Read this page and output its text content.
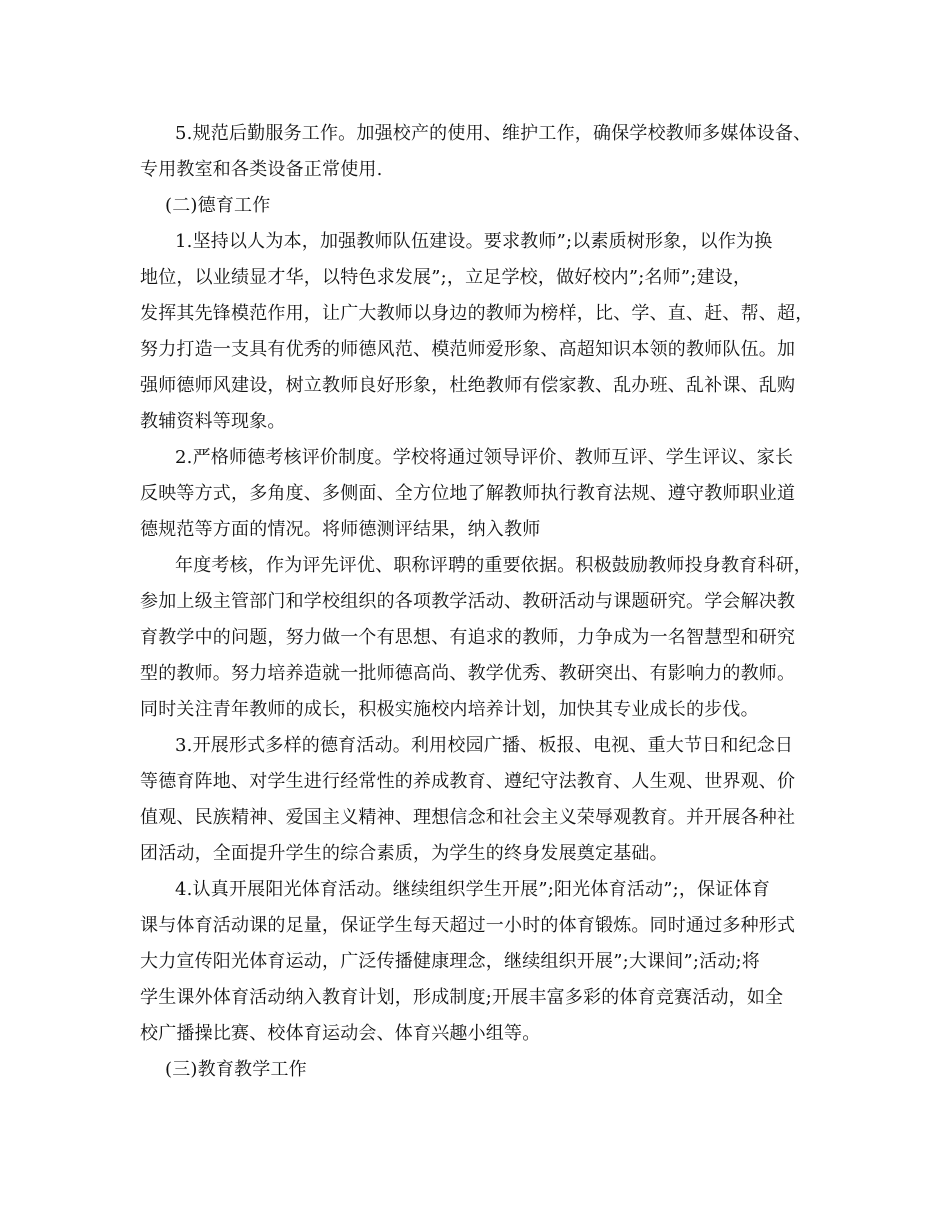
5.规范后勤服务工作。加强校产的使用、维护工作，确保学校教师多媒体设备、
专用教室和各类设备正常使用.
(二)德育工作
1.坚持以人为本，加强教师队伍建设。要求教师”;以素质树形象，以作为换
地位，以业绩显才华，以特色求发展”;，立足学校，做好校内”;名师”;建设，
发挥其先锋模范作用，让广大教师以身边的教师为榜样，比、学、直、赶、帮、超，
努力打造一支具有优秀的师德风范、模范师爱形象、高超知识本领的教师队伍。加
强师德师风建设，树立教师良好形象，杜绝教师有偿家教、乱办班、乱补课、乱购
教辅资料等现象。
2.严格师德考核评价制度。学校将通过领导评价、教师互评、学生评议、家长
反映等方式，多角度、多侧面、全方位地了解教师执行教育法规、遵守教师职业道
德规范等方面的情况。将师德测评结果，纳入教师
年度考核，作为评先评优、职称评聘的重要依据。积极鼓励教师投身教育科研，
参加上级主管部门和学校组织的各项教学活动、教研活动与课题研究。学会解决教
育教学中的问题，努力做一个有思想、有追求的教师，力争成为一名智慧型和研究
型的教师。努力培养造就一批师德高尚、教学优秀、教研突出、有影响力的教师。
同时关注青年教师的成长，积极实施校内培养计划，加快其专业成长的步伐。
3.开展形式多样的德育活动。利用校园广播、板报、电视、重大节日和纪念日
等德育阵地、对学生进行经常性的养成教育、遵纪守法教育、人生观、世界观、价
值观、民族精神、爱国主义精神、理想信念和社会主义荣辱观教育。并开展各种社
团活动，全面提升学生的综合素质，为学生的终身发展奠定基础。
4.认真开展阳光体育活动。继续组织学生开展”;阳光体育活动”;，保证体育
课与体育活动课的足量，保证学生每天超过一小时的体育锻炼。同时通过多种形式
大力宣传阳光体育运动，广泛传播健康理念，继续组织开展”;大课间”;活动;将
学生课外体育活动纳入教育计划，形成制度;开展丰富多彩的体育竞赛活动，如全
校广播操比赛、校体育运动会、体育兴趣小组等。
(三)教育教学工作
